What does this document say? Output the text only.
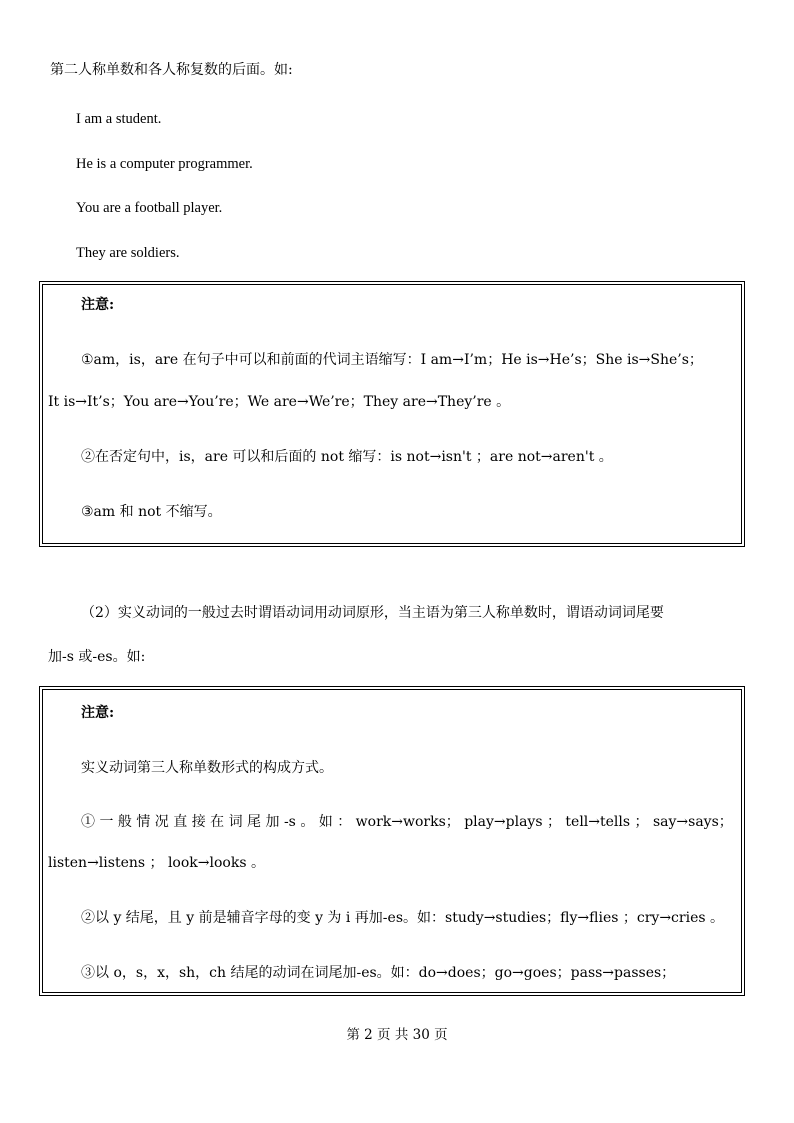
第二人称单数和各人称复数的后面。如:
I am a student.
He is a computer programmer.
You are a football player.
They are soldiers.
注意:
①am，is，are 在句子中可以和前面的代词主语缩写：I am→I’m；He is→He’s；She is→She’s；
It is→It’s；You are→You’re；We are→We’re；They are→They’re 。
②在否定句中，is，are 可以和后面的 not 缩写：is not→isn't ；are not→aren't 。
③am 和 not 不缩写。
（2）实义动词的一般过去时谓语动词用动词原形，当主语为第三人称单数时，谓语动词词尾要
加-s 或-es。如:
注意:
实义动词第三人称单数形式的构成方式。
① 一 般 情 况 直 接 在 词 尾 加 -s 。 如 ： work→works； play→plays ； tell→tells ； say→says；
listen→listens ； look→looks 。
②以 y 结尾，且 y 前是辅音字母的变 y 为 i 再加-es。如：study→studies；fly→flies ；cry→cries 。
③以 o，s，x，sh，ch 结尾的动词在词尾加-es。如：do→does；go→goes；pass→passes；
第 2 页 共 30 页
